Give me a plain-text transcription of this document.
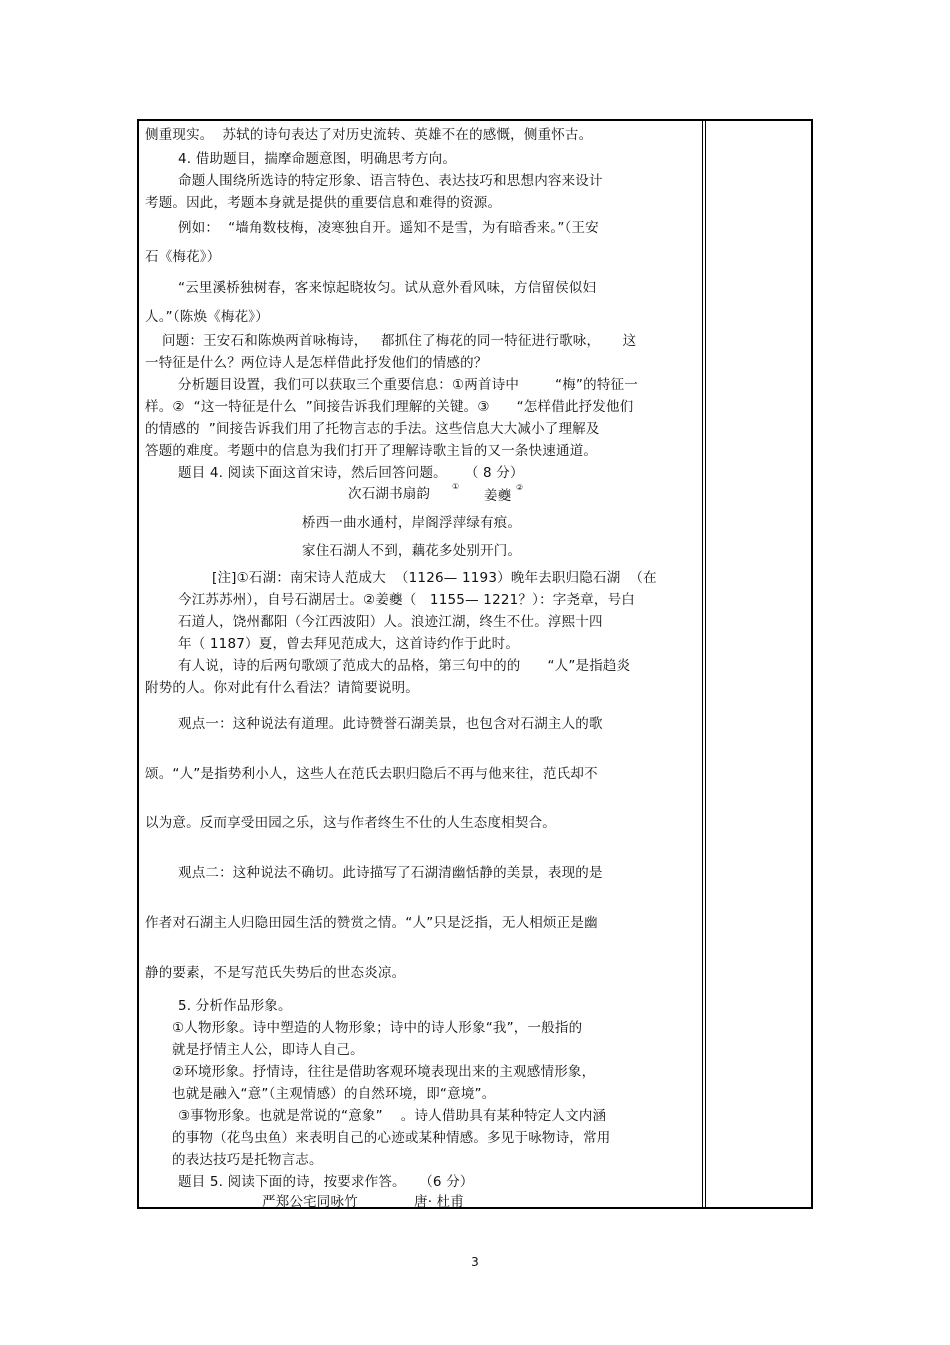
侧重现实。  苏轼的诗句表达了对历史流转、英雄不在的感慨，侧重怀古。
4. 借助题目，揣摩命题意图，明确思考方向。
命题人围绕所选诗的特定形象、语言特色、表达技巧和思想内容来设计
考题。因此，考题本身就是提供的重要信息和难得的资源。
例如：  “墙角数枝梅，凌寒独自开。遥知不是雪，为有暗香来。”（王安
石《梅花》）
“云里溪桥独树春，客来惊起晓妆匀。试从意外看风味，方信留侯似妇
人。”（陈焕《梅花》）
问题：王安石和陈焕两首咏梅诗，   都抓住了梅花的同一特征进行歌咏，     这
一特征是什么？两位诗人是怎样借此抒发他们的情感的？
分析题目设置，我们可以获取三个重要信息：①两首诗中        “梅”的特征一
样。②  “这一特征是什么  ”间接告诉我们理解的关键。③      “怎样借此抒发他们
的情感的  ”间接告诉我们用了托物言志的手法。这些信息大大减小了理解及
答题的难度。考题中的信息为我们打开了理解诗歌主旨的又一条快速通道。
题目 4. 阅读下面这首宋诗，然后回答问题。    （ 8 分）
次石湖书扇韵	①
姜夔
②
桥西一曲水通村，岸阁浮萍绿有痕。
家住石湖人不到，藕花多处别开门。
[注]①石湖：南宋诗人范成大  （1126— 1193）晚年去职归隐石湖  （在
今江苏苏州），自号石湖居士。②姜夔（   1155— 1221？）：字尧章，号白
石道人，饶州鄱阳（今江西波阳）人。浪迹江湖，终生不仕。淳熙十四
年（ 1187）夏，曾去拜见范成大，这首诗约作于此时。
有人说，诗的后两句歌颂了范成大的品格，第三句中的的      “人”是指趋炎
附势的人。你对此有什么看法？请简要说明。
观点一：这种说法有道理。此诗赞誉石湖美景，也包含对石湖主人的歌
颂。“人”是指势利小人，这些人在范氏去职归隐后不再与他来往，范氏却不
以为意。反而享受田园之乐，这与作者终生不仕的人生态度相契合。
观点二：这种说法不确切。此诗描写了石湖清幽恬静的美景，表现的是
作者对石湖主人归隐田园生活的赞赏之情。“人”只是泛指，无人相烦正是幽
静的要素，不是写范氏失势后的世态炎凉。
5. 分析作品形象。
①人物形象。诗中塑造的人物形象；诗中的诗人形象“我”，一般指的
就是抒情主人公，即诗人自己。
②环境形象。抒情诗，往往是借助客观环境表现出来的主观感情形象，
也就是融入“意”（主观情感）的自然环境，即“意境”。
③事物形象。也就是常说的“意象”    。诗人借助具有某种特定人文内涵
的事物（花鸟虫鱼）来表明自己的心迹或某种情感。多见于咏物诗，常用
的表达技巧是托物言志。
题目 5. 阅读下面的诗，按要求作答。   （6 分）
严郑公宅同咏竹	唐· 杜甫
3
